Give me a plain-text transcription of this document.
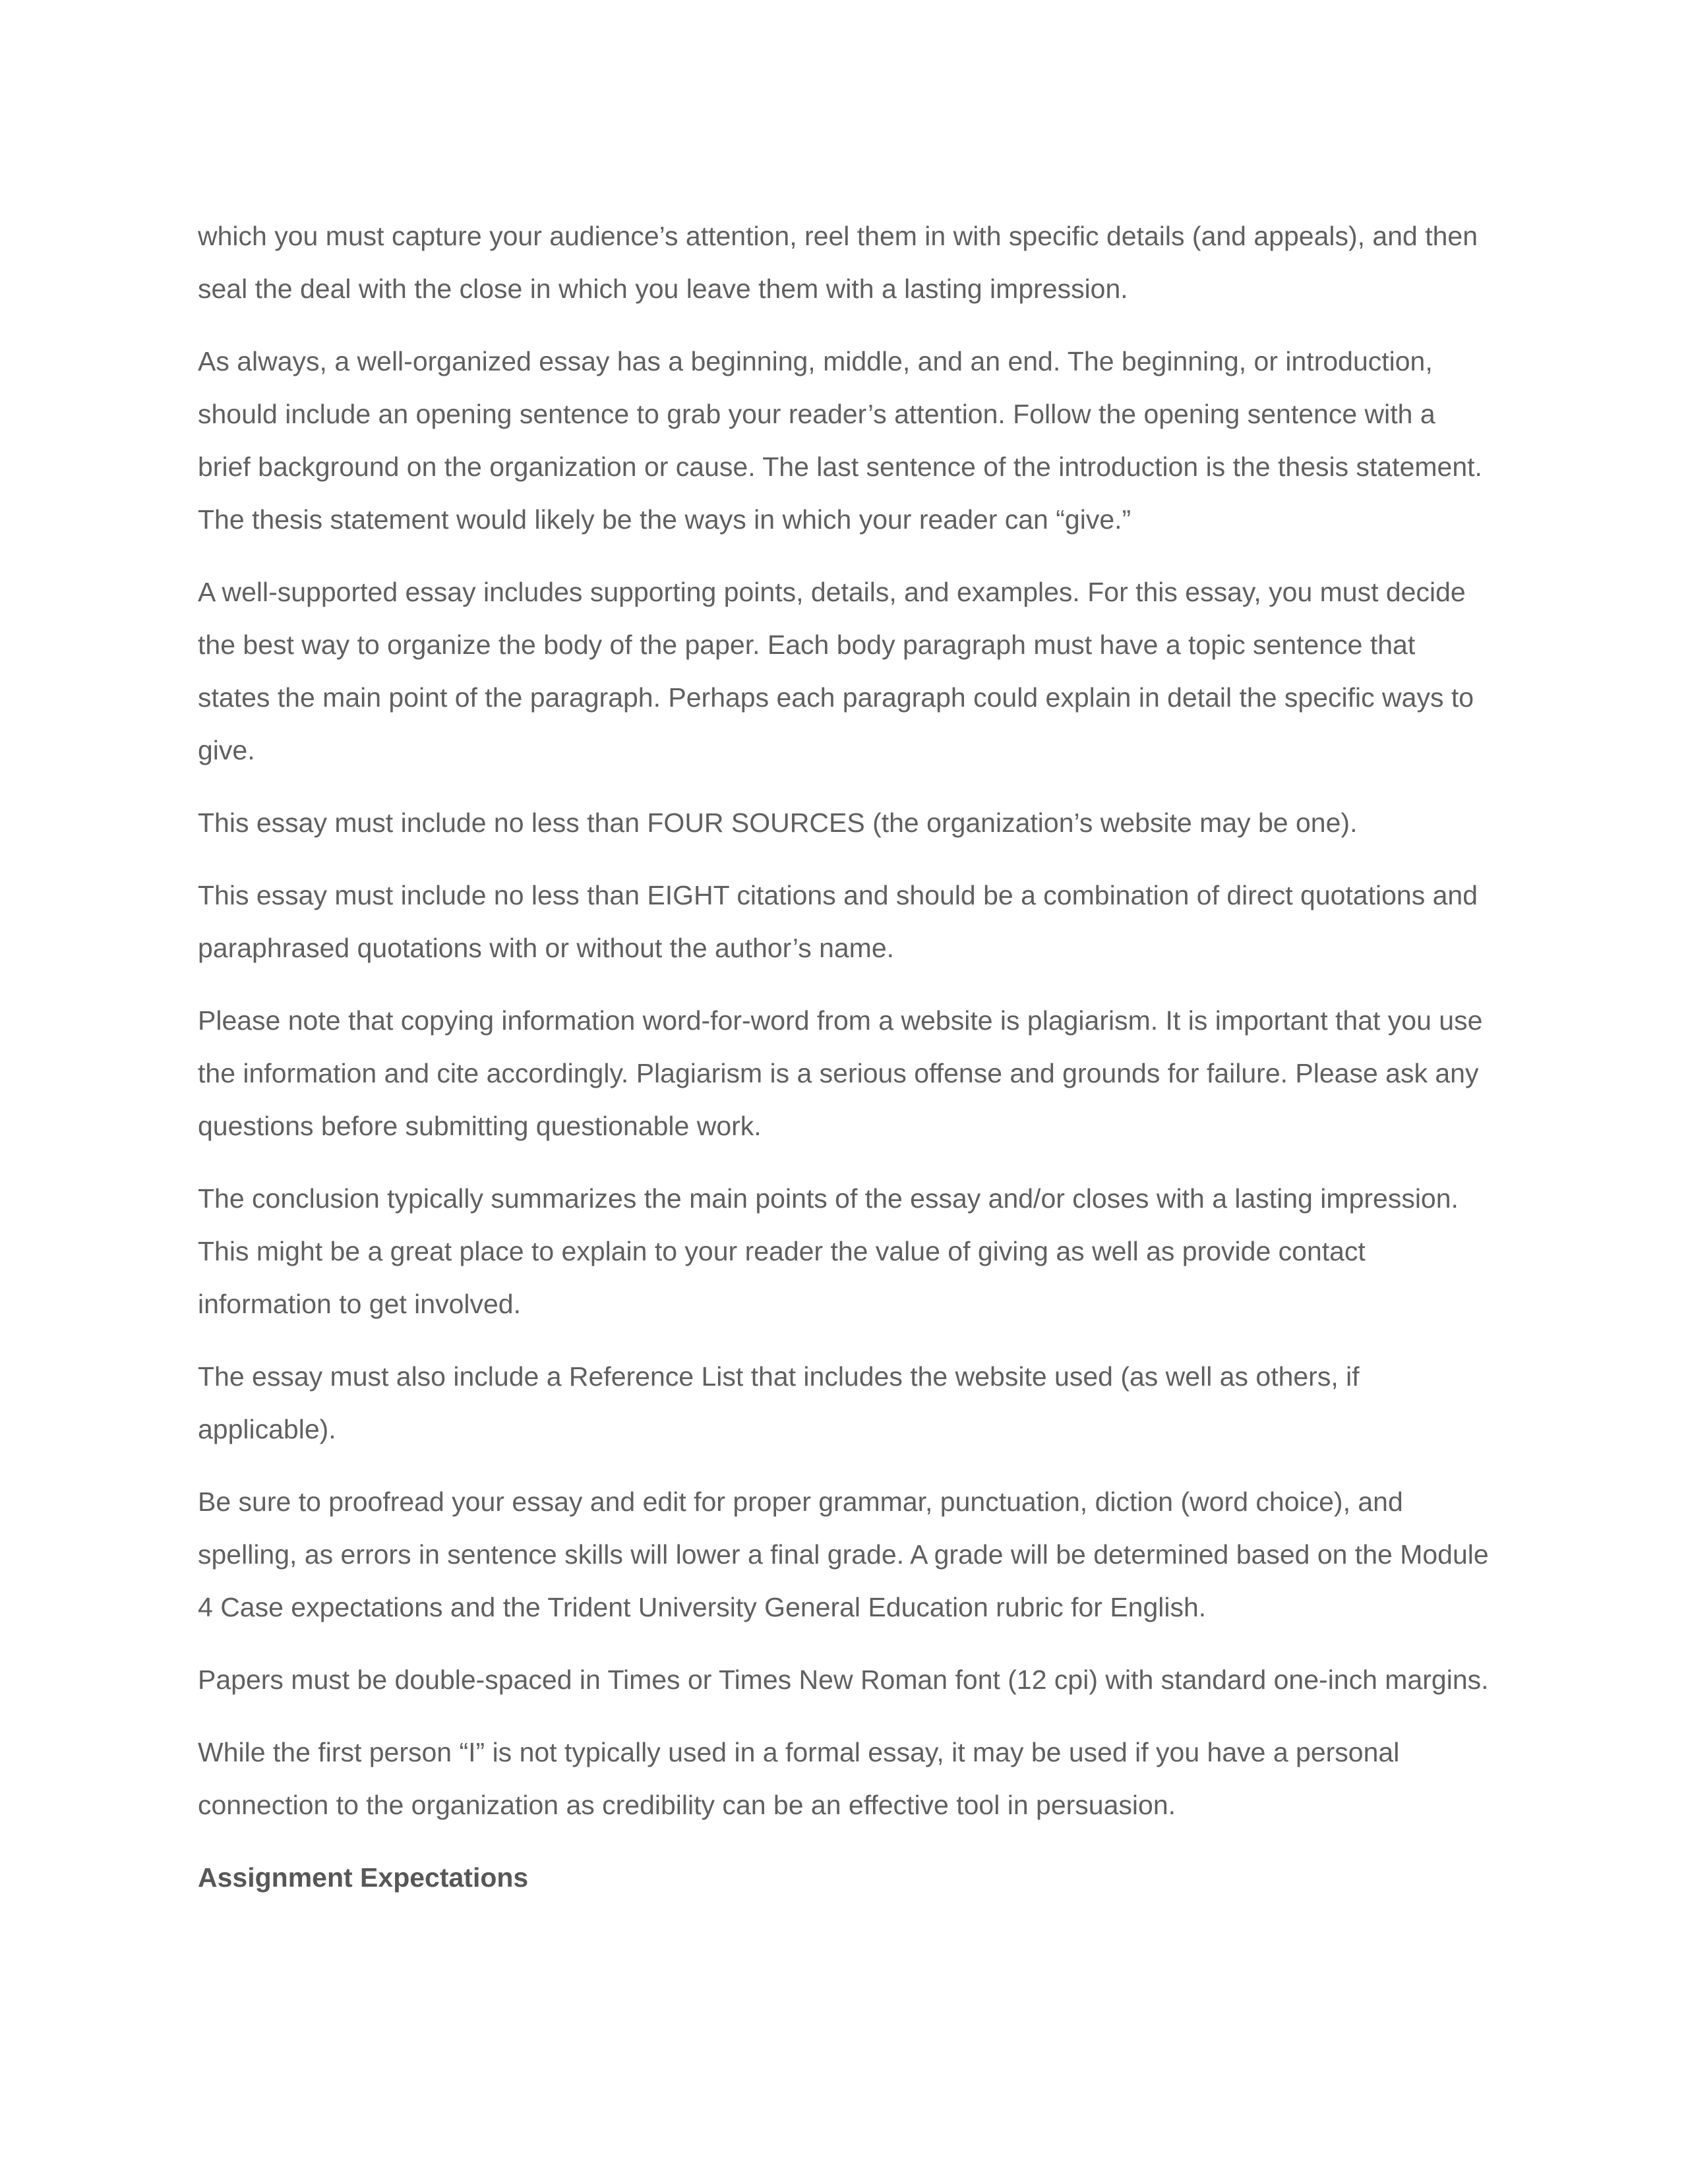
which you must capture your audience’s attention, reel them in with specific details (and appeals), and then seal the deal with the close in which you leave them with a lasting impression.

As always, a well-organized essay has a beginning, middle, and an end. The beginning, or introduction, should include an opening sentence to grab your reader’s attention. Follow the opening sentence with a brief background on the organization or cause. The last sentence of the introduction is the thesis statement. The thesis statement would likely be the ways in which your reader can “give.”

A well-supported essay includes supporting points, details, and examples. For this essay, you must decide the best way to organize the body of the paper. Each body paragraph must have a topic sentence that states the main point of the paragraph. Perhaps each paragraph could explain in detail the specific ways to give.

This essay must include no less than FOUR SOURCES (the organization’s website may be one).

This essay must include no less than EIGHT citations and should be a combination of direct quotations and paraphrased quotations with or without the author’s name.

Please note that copying information word-for-word from a website is plagiarism. It is important that you use the information and cite accordingly. Plagiarism is a serious offense and grounds for failure. Please ask any questions before submitting questionable work.

The conclusion typically summarizes the main points of the essay and/or closes with a lasting impression. This might be a great place to explain to your reader the value of giving as well as provide contact information to get involved.

The essay must also include a Reference List that includes the website used (as well as others, if applicable).

Be sure to proofread your essay and edit for proper grammar, punctuation, diction (word choice), and spelling, as errors in sentence skills will lower a final grade. A grade will be determined based on the Module 4 Case expectations and the Trident University General Education rubric for English.

Papers must be double-spaced in Times or Times New Roman font (12 cpi) with standard one-inch margins.

While the first person “I” is not typically used in a formal essay, it may be used if you have a personal connection to the organization as credibility can be an effective tool in persuasion.

Assignment Expectations
